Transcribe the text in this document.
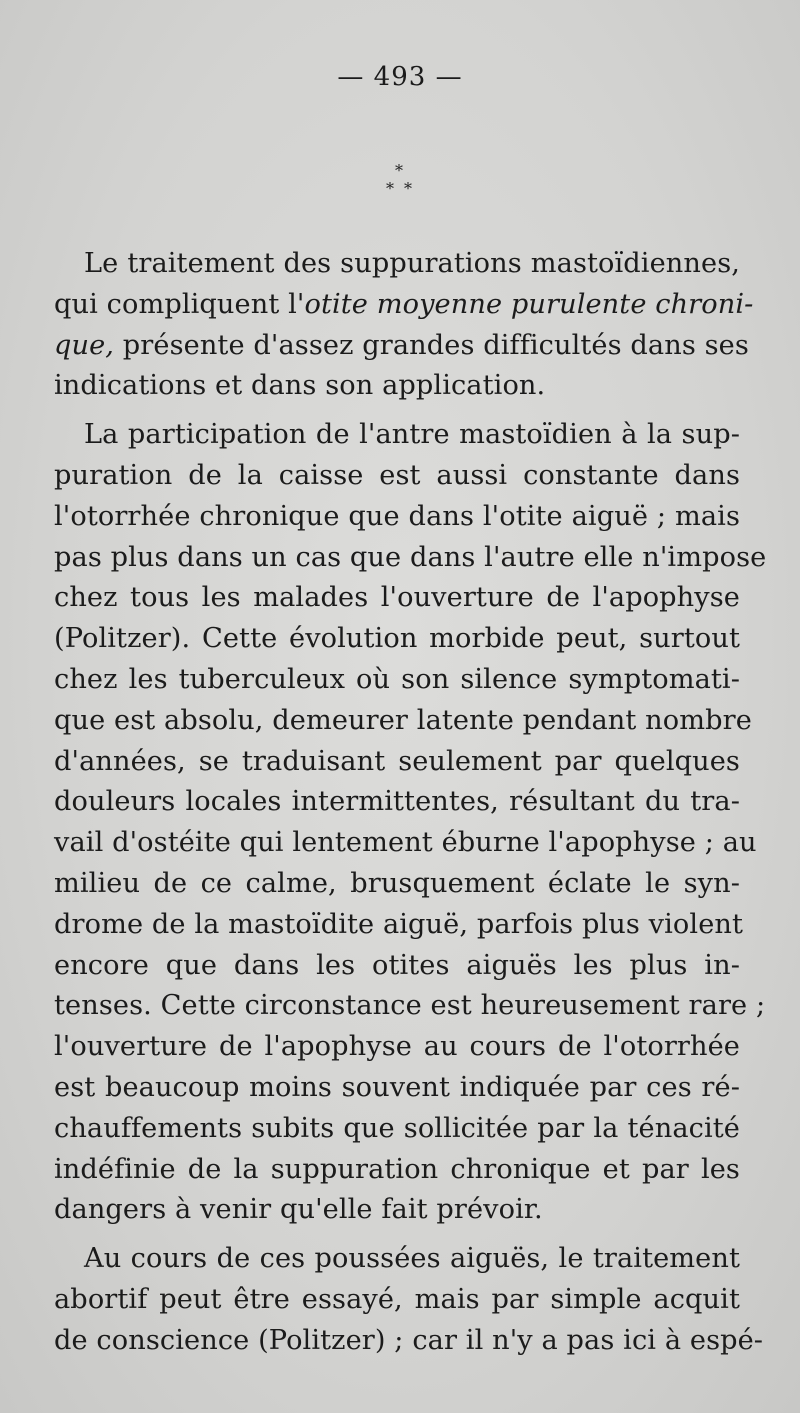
— 493 —
*
* *
Le traitement des suppurations mastoïdiennes,
qui compliquent l'otite moyenne purulente chroni-
que, présente d'assez grandes difficultés dans ses
indications et dans son application.
La participation de l'antre mastoïdien à la sup-
puration de la caisse est aussi constante dans
l'otorrhée chronique que dans l'otite aiguë ; mais
pas plus dans un cas que dans l'autre elle n'impose
chez tous les malades l'ouverture de l'apophyse
(Politzer). Cette évolution morbide peut, surtout
chez les tuberculeux où son silence symptomati-
que est absolu, demeurer latente pendant nombre
d'années, se traduisant seulement par quelques
douleurs locales intermittentes, résultant du tra-
vail d'ostéite qui lentement éburne l'apophyse ; au
milieu de ce calme, brusquement éclate le syn-
drome de la mastoïdite aiguë, parfois plus violent
encore que dans les otites aiguës les plus in-
tenses. Cette circonstance est heureusement rare ;
l'ouverture de l'apophyse au cours de l'otorrhée
est beaucoup moins souvent indiquée par ces ré-
chauffements subits que sollicitée par la ténacité
indéfinie de la suppuration chronique et par les
dangers à venir qu'elle fait prévoir.
Au cours de ces poussées aiguës, le traitement
abortif peut être essayé, mais par simple acquit
de conscience (Politzer) ; car il n'y a pas ici à espé-
